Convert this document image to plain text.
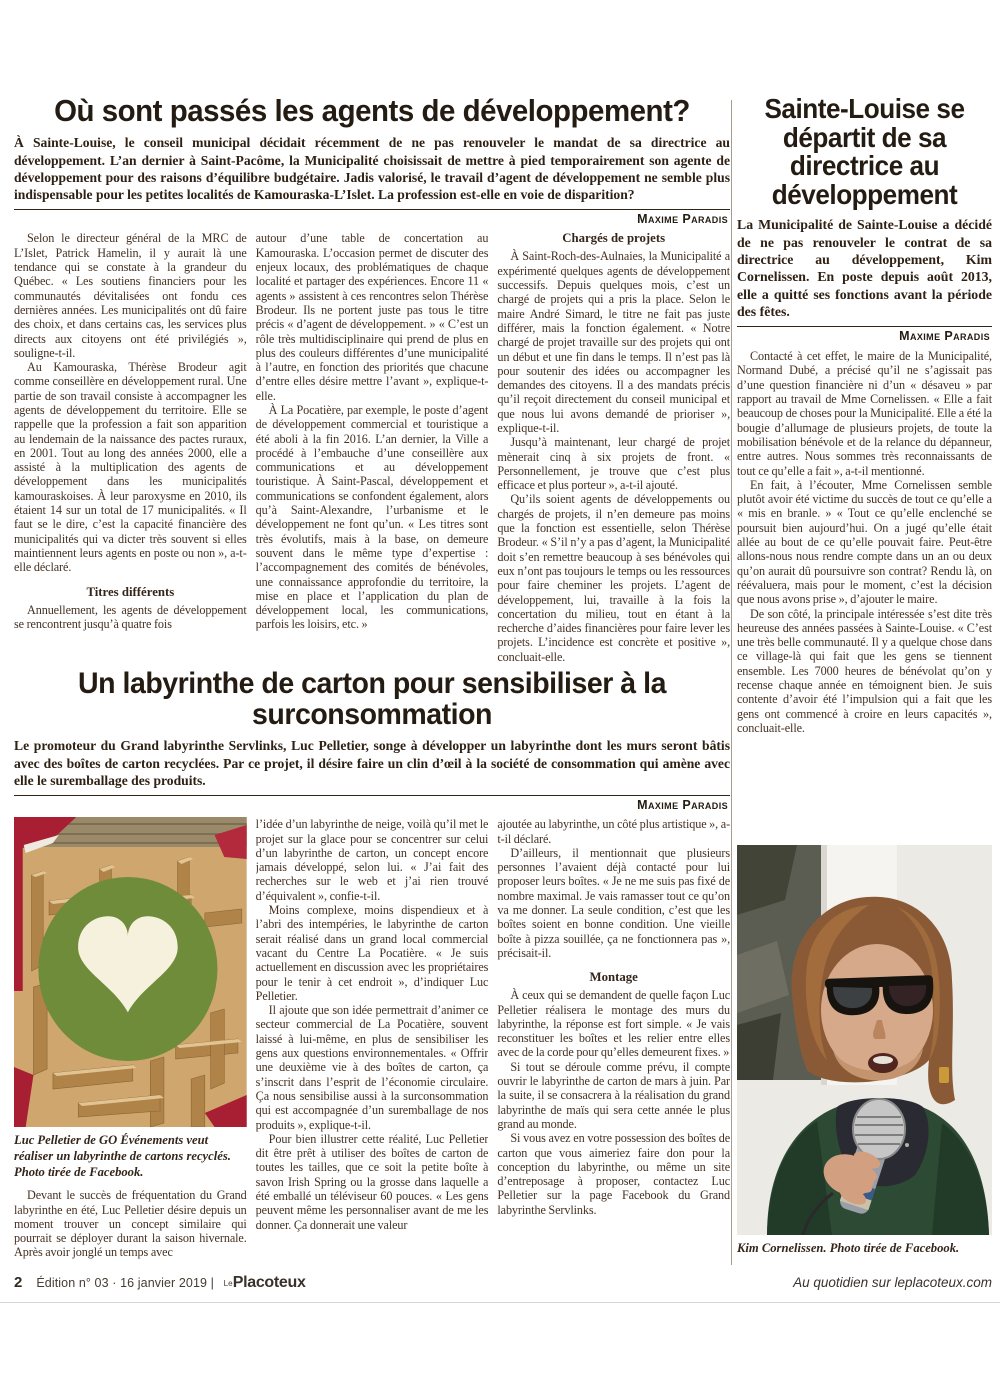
Où sont passés les agents de développement?

À Sainte-Louise, le conseil municipal décidait récemment de ne pas renouveler le mandat de sa directrice au développement. L’an dernier à Saint-Pacôme, la Municipalité choisissait de mettre à pied temporairement son agente de développement pour des raisons d’équilibre budgétaire. Jadis valorisé, le travail d’agent de développement ne semble plus indispensable pour les petites localités de Kamouraska-L’Islet. La profession est-elle en voie de disparition?

Maxime Paradis

Selon le directeur général de la MRC de L’Islet, Patrick Hamelin, il y aurait là une tendance qui se constate à la grandeur du Québec. « Les soutiens financiers pour les communautés dévitalisées ont fondu ces dernières années. Les municipalités ont dû faire des choix, et dans certains cas, les services plus directs aux citoyens ont été privilégiés », souligne-t-il.

Au Kamouraska, Thérèse Brodeur agit comme conseillère en développement rural. Une partie de son travail consiste à accompagner les agents de développement du territoire. Elle se rappelle que la profession a fait son apparition au lendemain de la naissance des pactes ruraux, en 2001. Tout au long des années 2000, elle a assisté à la multiplication des agents de développement dans les municipalités kamouraskoises. À leur paroxysme en 2010, ils étaient 14 sur un total de 17 municipalités. « Il faut se le dire, c’est la capacité financière des municipalités qui va dicter très souvent si elles maintiennent leurs agents en poste ou non », a-t-elle déclaré.

Titres différents

Annuellement, les agents de développement se rencontrent jusqu’à quatre fois

autour d’une table de concertation au Kamouraska. L’occasion permet de discuter des enjeux locaux, des problématiques de chaque localité et partager des expériences. Encore 11 « agents » assistent à ces rencontres selon Thérèse Brodeur. Ils ne portent juste pas tous le titre précis « d’agent de développement. » « C’est un rôle très multidisciplinaire qui prend de plus en plus des couleurs différentes d’une municipalité à l’autre, en fonction des priorités que chacune d’entre elles désire mettre l’avant », explique-t-elle.

À La Pocatière, par exemple, le poste d’agent de développement commercial et touristique a été aboli à la fin 2016. L’an dernier, la Ville a procédé à l’embauche d’une conseillère aux communications et au développement touristique. À Saint-Pascal, développement et communications se confondent également, alors qu’à Saint-Alexandre, l’urbanisme et le développement ne font qu’un. « Les titres sont très évolutifs, mais à la base, on demeure souvent dans le même type d’expertise : l’accompagnement des comités de bénévoles, une connaissance approfondie du territoire, la mise en place et l’application du plan de développement local, les communications, parfois les loisirs, etc. »

Chargés de projets

À Saint-Roch-des-Aulnaies, la Municipalité a expérimenté quelques agents de développement successifs. Depuis quelques mois, c’est un chargé de projets qui a pris la place. Selon le maire André Simard, le titre ne fait pas juste différer, mais la fonction également. « Notre chargé de projet travaille sur des projets qui ont un début et une fin dans le temps. Il n’est pas là pour soutenir des idées ou accompagner les demandes des citoyens. Il a des mandats précis qu’il reçoit directement du conseil municipal et que nous lui avons demandé de prioriser », explique-t-il.

Jusqu’à maintenant, leur chargé de projet mènerait cinq à six projets de front. « Personnellement, je trouve que c’est plus efficace et plus porteur », a-t-il ajouté.

Qu’ils soient agents de développements ou chargés de projets, il n’en demeure pas moins que la fonction est essentielle, selon Thérèse Brodeur. « S’il n’y a pas d’agent, la Municipalité doit s’en remettre beaucoup à ses bénévoles qui eux n’ont pas toujours le temps ou les ressources pour faire cheminer les projets. L’agent de développement, lui, travaille à la fois la concertation du milieu, tout en étant à la recherche d’aides financières pour faire lever les projets. L’incidence est concrète et positive », concluait-elle.

Un labyrinthe de carton pour sensibiliser à la surconsommation

Le promoteur du Grand labyrinthe Servlinks, Luc Pelletier, songe à développer un labyrinthe dont les murs seront bâtis avec des boîtes de carton recyclées. Par ce projet, il désire faire un clin d’œil à la société de consommation qui amène avec elle le suremballage des produits.

Maxime Paradis

Luc Pelletier de GO Événements veut réaliser un labyrinthe de cartons recyclés. Photo tirée de Facebook.

Devant le succès de fréquentation du Grand labyrinthe en été, Luc Pelletier désire depuis un moment trouver un concept similaire qui pourrait se déployer durant la saison hivernale. Après avoir jonglé un temps avec

l’idée d’un labyrinthe de neige, voilà qu’il met le projet sur la glace pour se concentrer sur celui d’un labyrinthe de carton, un concept encore jamais développé, selon lui. « J’ai fait des recherches sur le web et j’ai rien trouvé d’équivalent », confie-t-il.

Moins complexe, moins dispendieux et à l’abri des intempéries, le labyrinthe de carton serait réalisé dans un grand local commercial vacant du Centre La Pocatière. « Je suis actuellement en discussion avec les propriétaires pour le tenir à cet endroit », d’indiquer Luc Pelletier.

Il ajoute que son idée permettrait d’animer ce secteur commercial de La Pocatière, souvent laissé à lui-même, en plus de sensibiliser les gens aux questions environnementales. « Offrir une deuxième vie à des boîtes de carton, ça s’inscrit dans l’esprit de l’économie circulaire. Ça nous sensibilise aussi à la surconsommation qui est accompagnée d’un suremballage de nos produits », explique-t-il.

Pour bien illustrer cette réalité, Luc Pelletier dit être prêt à utiliser des boîtes de carton de toutes les tailles, que ce soit la petite boîte à savon Irish Spring ou la grosse dans laquelle a été emballé un téléviseur 60 pouces. « Les gens peuvent même les personnaliser avant de me les donner. Ça donnerait une valeur

ajoutée au labyrinthe, un côté plus artistique », a-t-il déclaré.

D’ailleurs, il mentionnait que plusieurs personnes l’avaient déjà contacté pour lui proposer leurs boîtes. « Je ne me suis pas fixé de nombre maximal. Je vais ramasser tout ce qu’on va me donner. La seule condition, c’est que les boîtes soient en bonne condition. Une vieille boîte à pizza souillée, ça ne fonctionnera pas », précisait-il.

Montage

À ceux qui se demandent de quelle façon Luc Pelletier réalisera le montage des murs du labyrinthe, la réponse est fort simple. « Je vais reconstituer les boîtes et les relier entre elles avec de la corde pour qu’elles demeurent fixes. »

Si tout se déroule comme prévu, il compte ouvrir le labyrinthe de carton de mars à juin. Par la suite, il se consacrera à la réalisation du grand labyrinthe de maïs qui sera cette année le plus grand au monde.

Si vous avez en votre possession des boîtes de carton que vous aimeriez faire don pour la conception du labyrinthe, ou même un site d’entreposage à proposer, contactez Luc Pelletier sur la page Facebook du Grand labyrinthe Servlinks.

Sainte-Louise se départit de sa directrice au développement

La Municipalité de Sainte-Louise a décidé de ne pas renouveler le contrat de sa directrice au développement, Kim Cornelissen. En poste depuis août 2013, elle a quitté ses fonctions avant la période des fêtes.

Maxime Paradis

Contacté à cet effet, le maire de la Municipalité, Normand Dubé, a précisé qu’il ne s’agissait pas d’une question financière ni d’un « désaveu » par rapport au travail de Mme Cornelissen. « Elle a fait beaucoup de choses pour la Municipalité. Elle a été la bougie d’allumage de plusieurs projets, de toute la mobilisation bénévole et de la relance du dépanneur, entre autres. Nous sommes très reconnaissants de tout ce qu’elle a fait », a-t-il mentionné.

En fait, à l’écouter, Mme Cornelissen semble plutôt avoir été victime du succès de tout ce qu’elle a « mis en branle. » « Tout ce qu’elle enclenché se poursuit bien aujourd’hui. On a jugé qu’elle était allée au bout de ce qu’elle pouvait faire. Peut-être allons-nous nous rendre compte dans un an ou deux qu’on aurait dû poursuivre son contrat? Rendu là, on réévaluera, mais pour le moment, c’est la décision que nous avons prise », d’ajouter le maire.

De son côté, la principale intéressée s’est dite très heureuse des années passées à Sainte-Louise. « C’est une très belle communauté. Il y a quelque chose dans ce village-là qui fait que les gens se tiennent ensemble. Les 7000 heures de bénévolat qu’on y recense chaque année en témoignent bien. Je suis contente d’avoir été l’impulsion qui a fait que les gens ont commencé à croire en leurs capacités », concluait-elle.

Kim Cornelissen. Photo tirée de Facebook.

2 Édition n° 03 · 16 janvier 2019 | LePlacoteux	Au quotidien sur leplacoteux.com
